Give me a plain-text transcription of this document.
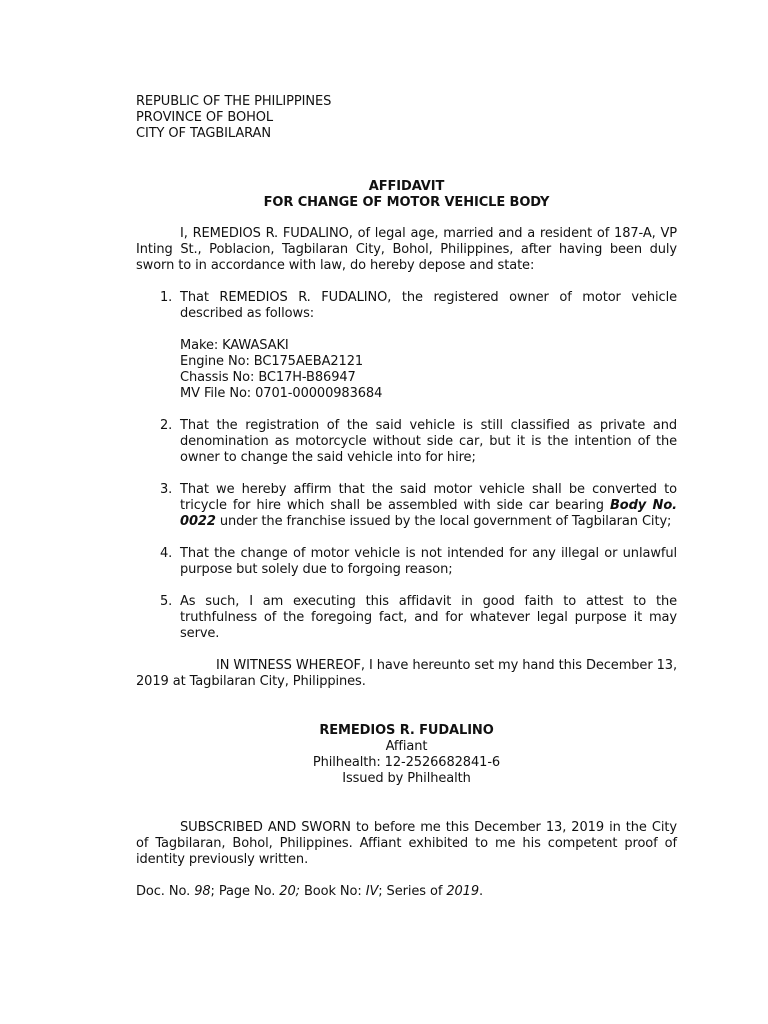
REPUBLIC OF THE PHILIPPINES
PROVINCE OF BOHOL
CITY OF TAGBILARAN
AFFIDAVIT
FOR CHANGE OF MOTOR VEHICLE BODY

I, REMEDIOS R. FUDALINO, of legal age, married and a resident of 187-A, VP Inting St., Poblacion, Tagbilaran City, Bohol, Philippines, after having been duly sworn to in accordance with law, do hereby depose and state:

1. That REMEDIOS R. FUDALINO, the registered owner of motor vehicle described as follows:
Make: KAWASAKI
Engine No: BC175AEBA2121
Chassis No: BC17H-B86947
MV File No: 0701-00000983684
2. That the registration of the said vehicle is still classified as private and denomination as motorcycle without side car, but it is the intention of the owner to change the said vehicle into for hire;
3. That we hereby affirm that the said motor vehicle shall be converted to tricycle for hire which shall be assembled with side car bearing Body No. 0022 under the franchise issued by the local government of Tagbilaran City;
4. That the change of motor vehicle is not intended for any illegal or unlawful purpose but solely due to forgoing reason;
5. As such, I am executing this affidavit in good faith to attest to the truthfulness of the foregoing fact, and for whatever legal purpose it may serve.

IN WITNESS WHEREOF, I have hereunto set my hand this December 13, 2019 at Tagbilaran City, Philippines.

REMEDIOS R. FUDALINO
Affiant
Philhealth: 12-2526682841-6
Issued by Philhealth

SUBSCRIBED AND SWORN to before me this December 13, 2019 in the City of Tagbilaran, Bohol, Philippines. Affiant exhibited to me his competent proof of identity previously written.

Doc. No. 98; Page No. 20; Book No: IV; Series of 2019.
